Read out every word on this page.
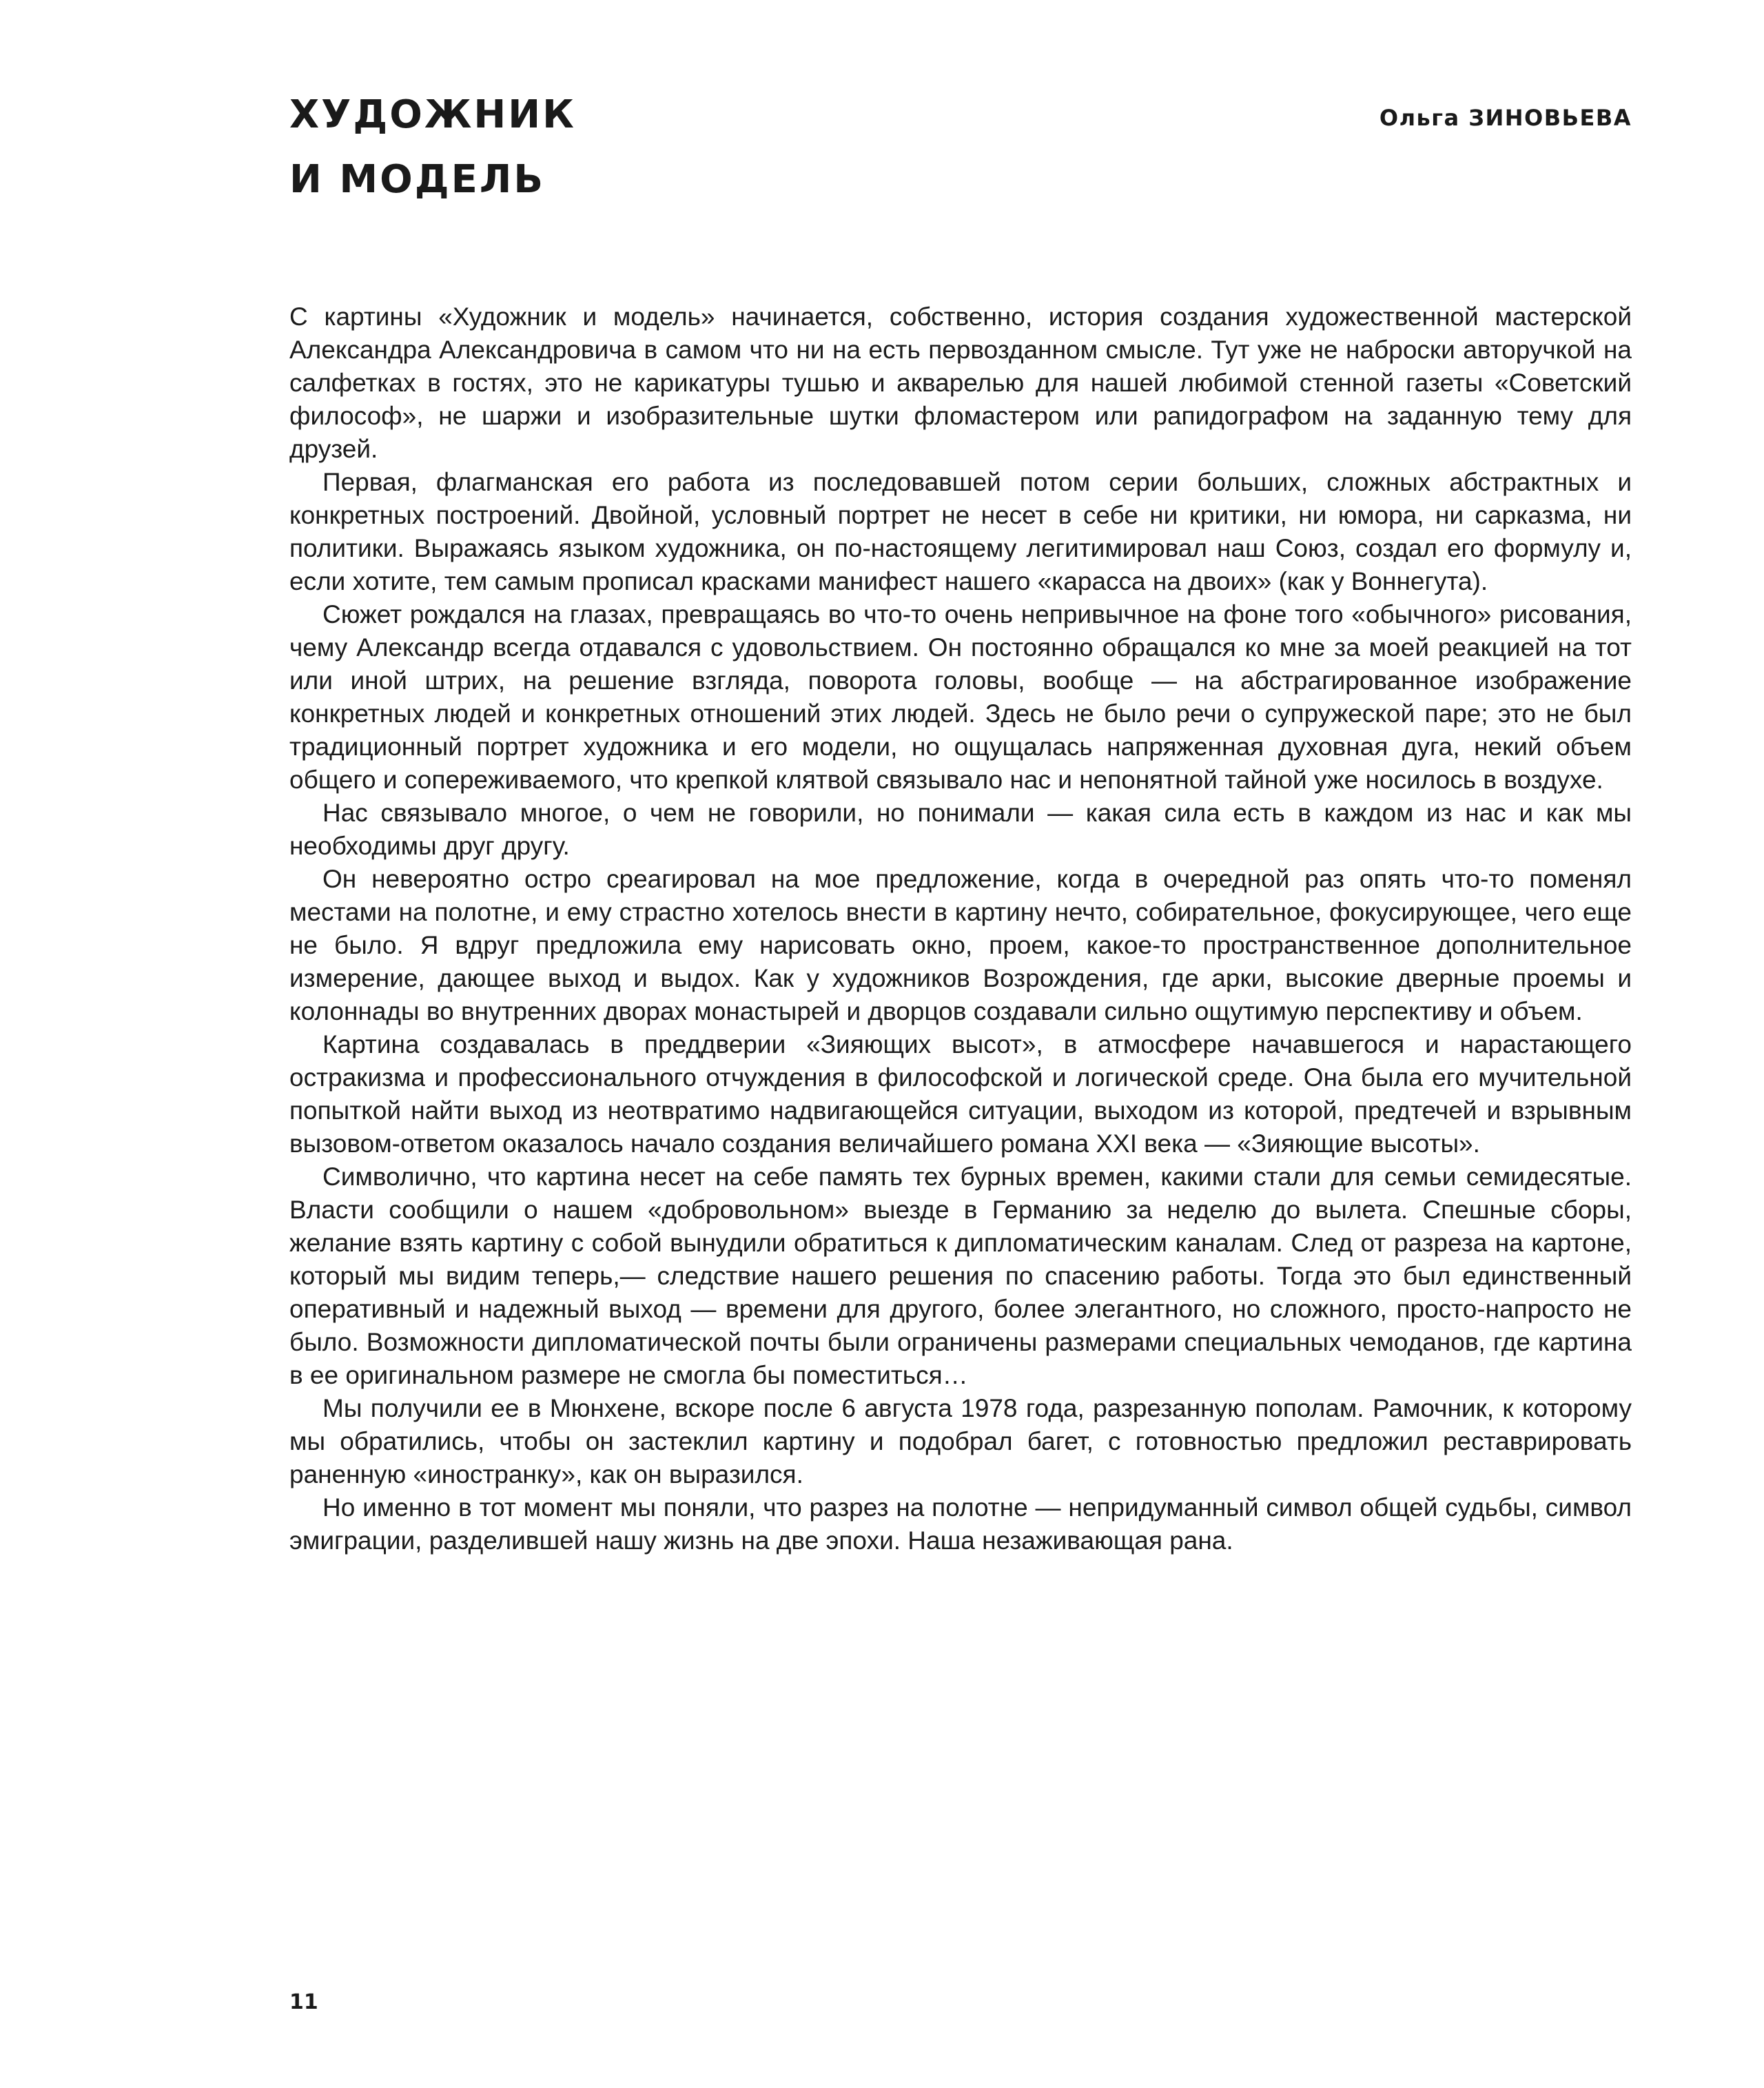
ХУДОЖНИК
И МОДЕЛЬ
Ольга ЗИНОВЬЕВА

С картины «Художник и модель» начинается, собственно, история создания художественной мастерской Александра Александровича в самом что ни на есть первозданном смысле. Тут уже не наброски авторучкой на салфетках в гостях, это не карикатуры тушью и акварелью для нашей любимой стенной газеты «Советский философ», не шаржи и изобразительные шутки фломастером или рапидографом на заданную тему для друзей.

Первая, флагманская его работа из последовавшей потом серии больших, сложных абстрактных и конкретных построений. Двойной, условный портрет не несет в себе ни критики, ни юмора, ни сарказма, ни политики. Выражаясь языком художника, он по-настоящему легитимировал наш Союз, создал его формулу и, если хотите, тем самым прописал красками манифест нашего «карасса на двоих» (как у Воннегута).

Сюжет рождался на глазах, превращаясь во что-то очень непривычное на фоне того «обычного» рисования, чему Александр всегда отдавался с удовольствием. Он постоянно обращался ко мне за моей реакцией на тот или иной штрих, на решение взгляда, поворота головы, вообще — на абстрагированное изображение конкретных людей и конкретных отношений этих людей. Здесь не было речи о супружеской паре; это не был традиционный портрет художника и его модели, но ощущалась напряженная духовная дуга, некий объем общего и сопереживаемого, что крепкой клятвой связывало нас и непонятной тайной уже носилось в воздухе.

Нас связывало многое, о чем не говорили, но понимали — какая сила есть в каждом из нас и как мы необходимы друг другу.

Он невероятно остро среагировал на мое предложение, когда в очередной раз опять что-то поменял местами на полотне, и ему страстно хотелось внести в картину нечто, собирательное, фокусирующее, чего еще не было. Я вдруг предложила ему нарисовать окно, проем, какое-то пространственное дополнительное измерение, дающее выход и выдох. Как у художников Возрождения, где арки, высокие дверные проемы и колоннады во внутренних дворах монастырей и дворцов создавали сильно ощутимую перспективу и объем.

Картина создавалась в преддверии «Зияющих высот», в атмосфере начавшегося и нарастающего остракизма и профессионального отчуждения в философской и логической среде. Она была его мучительной попыткой найти выход из неотвратимо надвигающейся ситуации, выходом из которой, предтечей и взрывным вызовом-ответом оказалось начало создания величайшего романа XXI века — «Зияющие высоты».

Символично, что картина несет на себе память тех бурных времен, какими стали для семьи семидесятые. Власти сообщили о нашем «добровольном» выезде в Германию за неделю до вылета. Спешные сборы, желание взять картину с собой вынудили обратиться к дипломатическим каналам. След от разреза на картоне, который мы видим теперь,— следствие нашего решения по спасению работы. Тогда это был единственный оперативный и надежный выход — времени для другого, более элегантного, но сложного, просто-напросто не было. Возможности дипломатической почты были ограничены размерами специальных чемоданов, где картина в ее оригинальном размере не смогла бы поместиться…

Мы получили ее в Мюнхене, вскоре после 6 августа 1978 года, разрезанную пополам. Рамочник, к которому мы обратились, чтобы он застеклил картину и подобрал багет, с готовностью предложил реставрировать раненную «иностранку», как он выразился.

Но именно в тот момент мы поняли, что разрез на полотне — непридуманный символ общей судьбы, символ эмиграции, разделившей нашу жизнь на две эпохи. Наша незаживающая рана.

11
